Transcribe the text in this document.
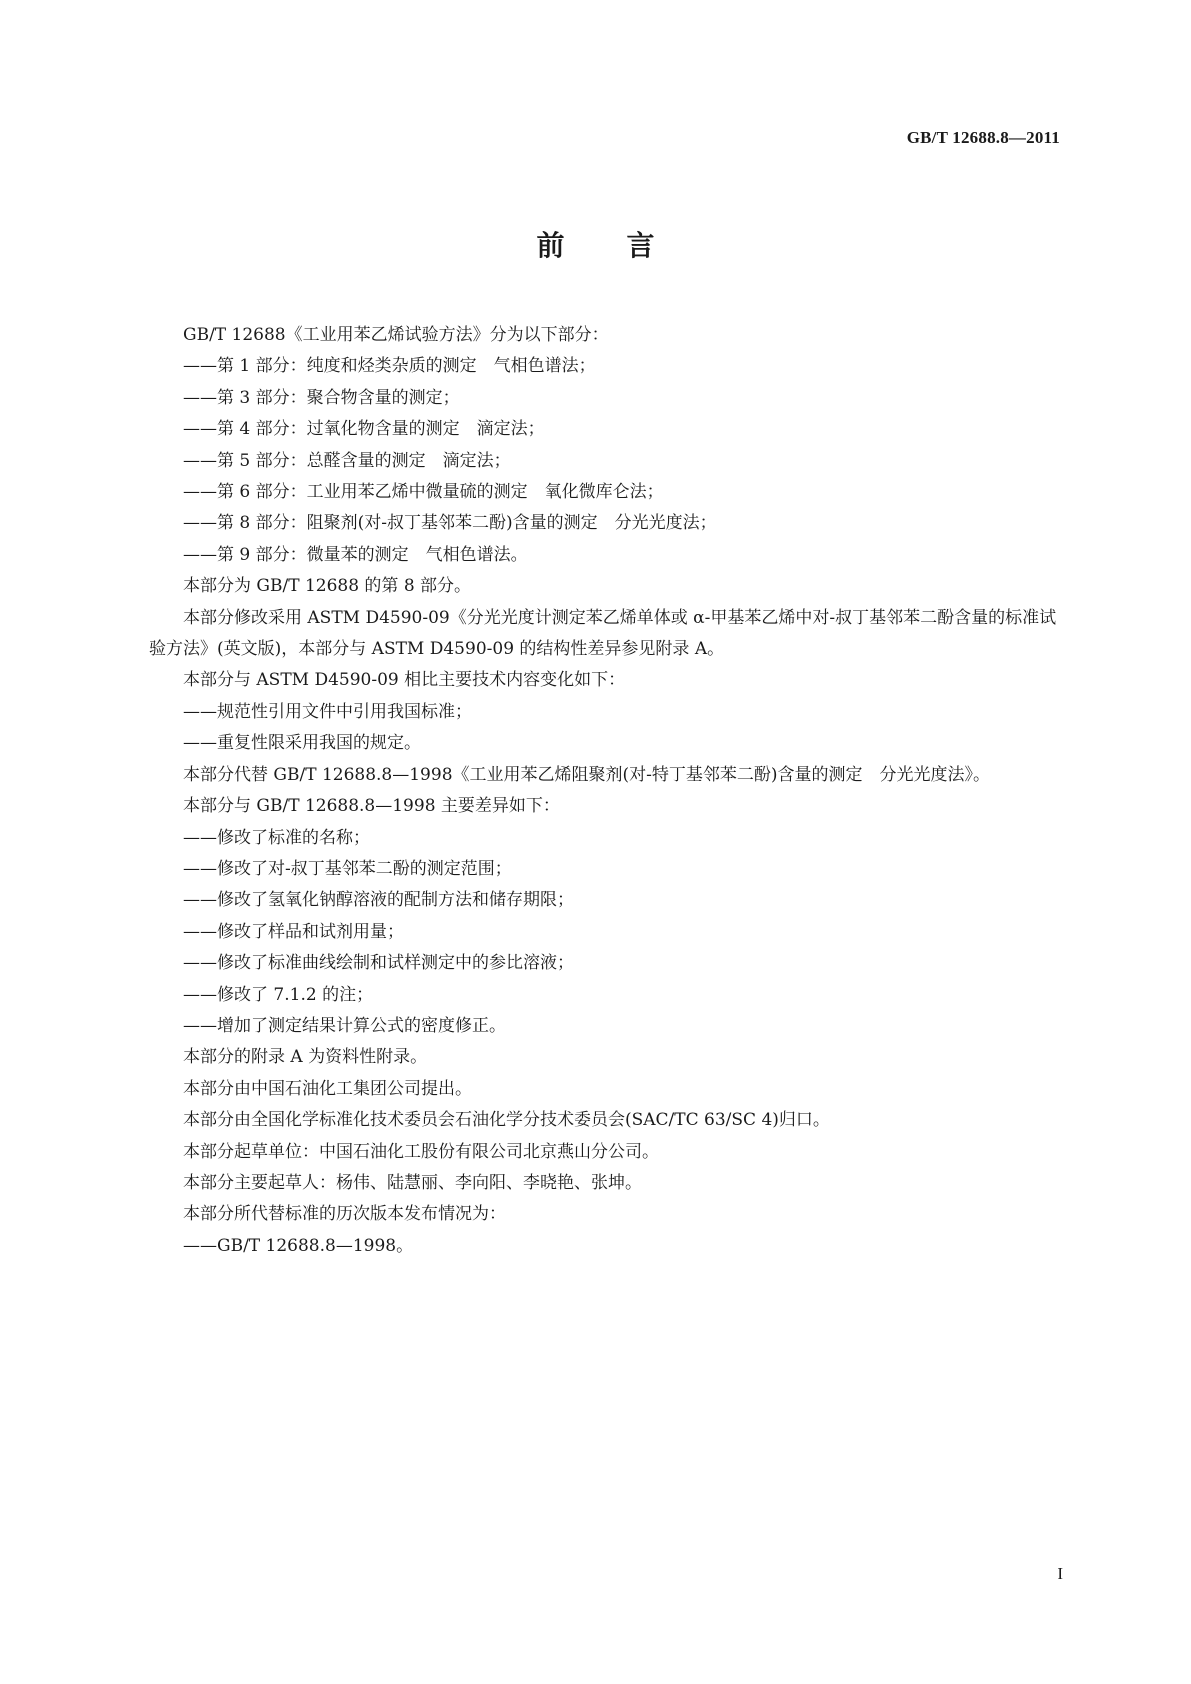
GB/T 12688.8—2011
前言

GB/T 12688《工业用苯乙烯试验方法》分为以下部分：

——第 1 部分：纯度和烃类杂质的测定　气相色谱法；

——第 3 部分：聚合物含量的测定；

——第 4 部分：过氧化物含量的测定　滴定法；

——第 5 部分：总醛含量的测定　滴定法；

——第 6 部分：工业用苯乙烯中微量硫的测定　氧化微库仑法；

——第 8 部分：阻聚剂(对-叔丁基邻苯二酚)含量的测定　分光光度法；

——第 9 部分：微量苯的测定　气相色谱法。

本部分为 GB/T 12688 的第 8 部分。

本部分修改采用 ASTM D4590-09《分光光度计测定苯乙烯单体或 α-甲基苯乙烯中对-叔丁基邻苯二酚含量的标准试验方法》(英文版)，本部分与 ASTM D4590-09 的结构性差异参见附录 A。

本部分与 ASTM D4590-09 相比主要技术内容变化如下：

——规范性引用文件中引用我国标准；

——重复性限采用我国的规定。

本部分代替 GB/T 12688.8—1998《工业用苯乙烯阻聚剂(对-特丁基邻苯二酚)含量的测定　分光光度法》。

本部分与 GB/T 12688.8—1998 主要差异如下：

——修改了标准的名称；

——修改了对-叔丁基邻苯二酚的测定范围；

——修改了氢氧化钠醇溶液的配制方法和储存期限；

——修改了样品和试剂用量；

——修改了标准曲线绘制和试样测定中的参比溶液；

——修改了 7.1.2 的注；

——增加了测定结果计算公式的密度修正。

本部分的附录 A 为资料性附录。

本部分由中国石油化工集团公司提出。

本部分由全国化学标准化技术委员会石油化学分技术委员会(SAC/TC 63/SC 4)归口。

本部分起草单位：中国石油化工股份有限公司北京燕山分公司。

本部分主要起草人：杨伟、陆慧丽、李向阳、李晓艳、张坤。

本部分所代替标准的历次版本发布情况为：

——GB/T 12688.8—1998。

I
